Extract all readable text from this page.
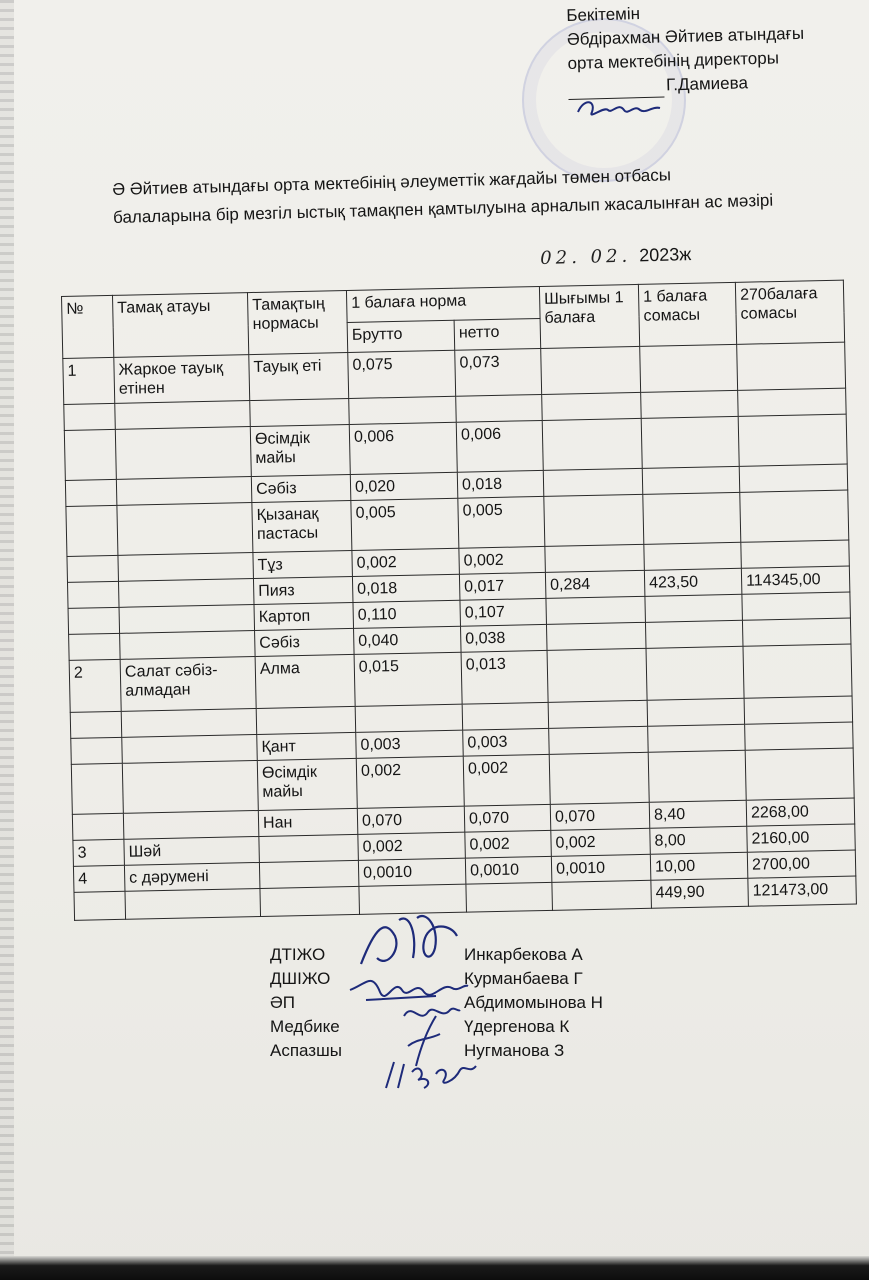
Бекітемін
Әбдірахман Әйтиев атындағы
орта мектебінің директоры
Г.Дамиева
Ә Әйтиев атындағы орта мектебінің әлеуметтік жағдайы төмен отбасы
балаларына бір мезгіл ыстық тамақпен қамтылуына арналып жасалынған ас мәзірі
02. 02. 2023ж
№	Тамақ атауы	Тамақтың нормасы	1 балаға норма		Шығымы 1 балаға	1 балаға сомасы	270балаға сомасы
			Брутто	нетто			
1	Жаркое тауық етінен	Тауық еті	0,075	0,073			

		Өсімдік майы	0,006	0,006			
		Сәбіз	0,020	0,018			
		Қызанақ пастасы	0,005	0,005			
		Тұз	0,002	0,002			
		Пияз	0,018	0,017	0,284	423,50	114345,00
		Картоп	0,110	0,107			
		Сәбіз	0,040	0,038			
2	Салат сәбіз-алмадан	Алма	0,015	0,013			

		Қант	0,003	0,003			
		Өсімдік майы	0,002	0,002			
		Нан	0,070	0,070	0,070	8,40	2268,00
3	Шәй		0,002	0,002	0,002	8,00	2160,00
4	с дәрумені		0,0010	0,0010	0,0010	10,00	2700,00
						449,90	121473,00
ДТІЖО	Инкарбекова А
ДШІЖО	Курманбаева Г
ӘП	Абдимомынова Н
Медбике	Үдергенова К
Аспазшы	Нугманова З
